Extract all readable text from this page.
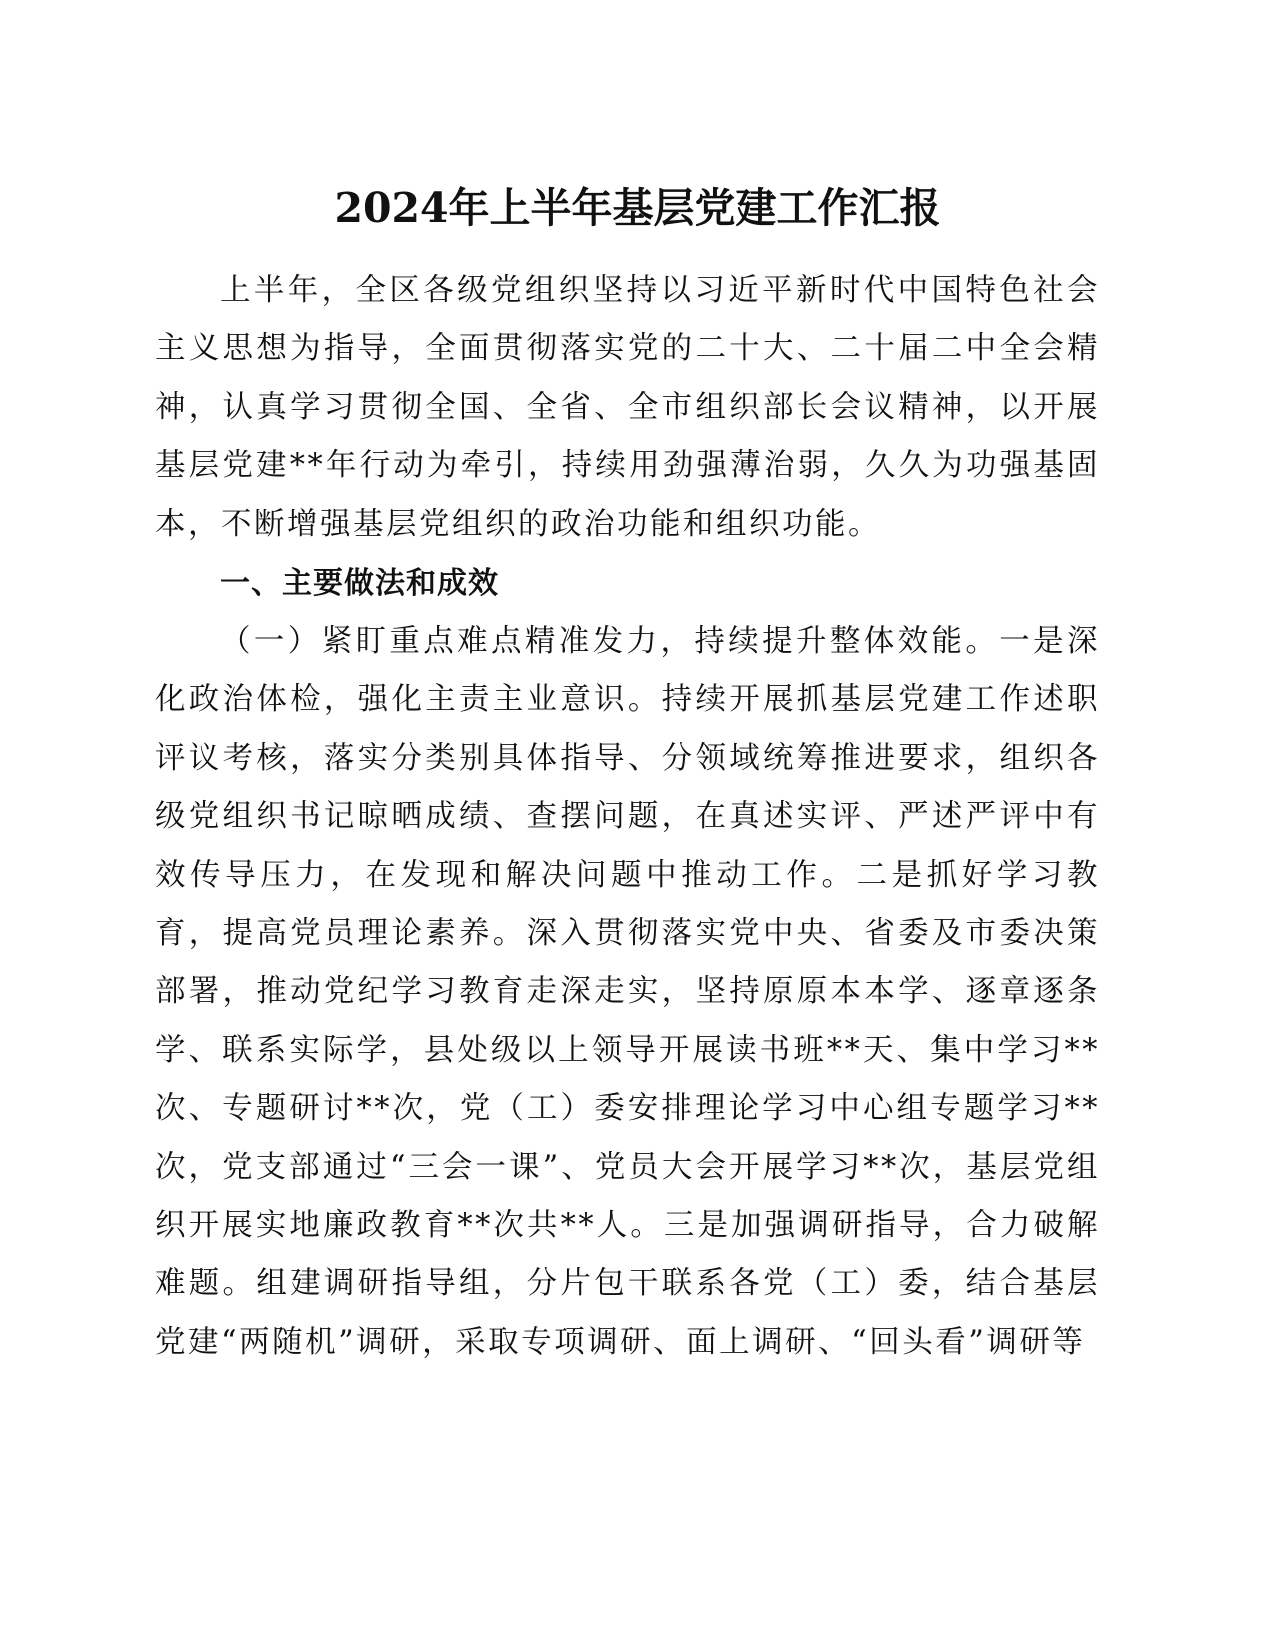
2024年上半年基层党建工作汇报
上半年，全区各级党组织坚持以习近平新时代中国特色社会主义思想为指导，全面贯彻落实党的二十大、二十届二中全会精神，认真学习贯彻全国、全省、全市组织部长会议精神，以开展基层党建**年行动为牵引，持续用劲强薄治弱，久久为功强基固本，不断增强基层党组织的政治功能和组织功能。
一、主要做法和成效
（一）紧盯重点难点精准发力，持续提升整体效能。一是深化政治体检，强化主责主业意识。持续开展抓基层党建工作述职评议考核，落实分类别具体指导、分领域统筹推进要求，组织各级党组织书记晾晒成绩、查摆问题，在真述实评、严述严评中有效传导压力，在发现和解决问题中推动工作。二是抓好学习教育，提高党员理论素养。深入贯彻落实党中央、省委及市委决策部署，推动党纪学习教育走深走实，坚持原原本本学、逐章逐条学、联系实际学，县处级以上领导开展读书班**天、集中学习**次、专题研讨**次，党（工）委安排理论学习中心组专题学习**次，党支部通过“三会一课”、党员大会开展学习**次，基层党组织开展实地廉政教育**次共**人。三是加强调研指导，合力破解难题。组建调研指导组，分片包干联系各党（工）委，结合基层党建“两随机”调研，采取专项调研、面上调研、“回头看”调研等
